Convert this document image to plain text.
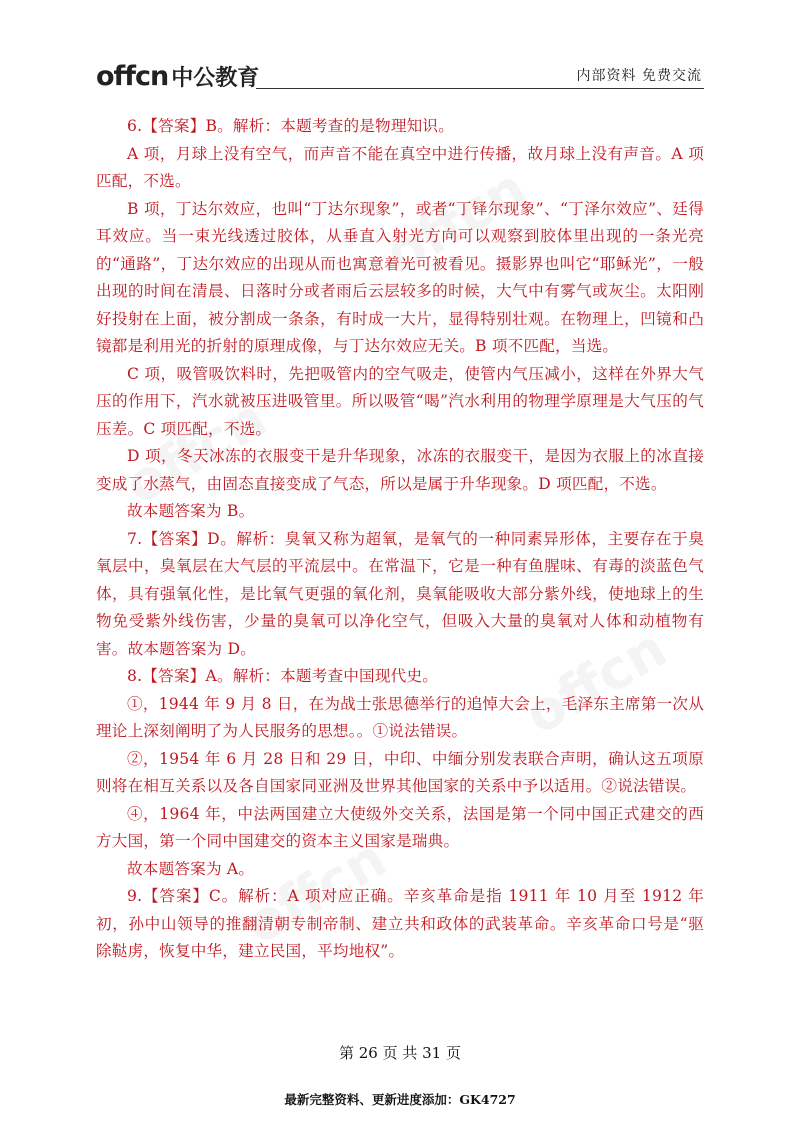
offcn 中公教育	内部资料 免费交流

6.【答案】B。解析：本题考查的是物理知识。

A 项，月球上没有空气，而声音不能在真空中进行传播，故月球上没有声音。A 项匹配，不选。

B 项，丁达尔效应，也叫“丁达尔现象”，或者“丁铎尔现象”、“丁泽尔效应”、廷得耳效应。当一束光线透过胶体，从垂直入射光方向可以观察到胶体里出现的一条光亮的“通路”，丁达尔效应的出现从而也寓意着光可被看见。摄影界也叫它“耶稣光”，一般出现的时间在清晨、日落时分或者雨后云层较多的时候，大气中有雾气或灰尘。太阳刚好投射在上面，被分割成一条条，有时成一大片，显得特别壮观。在物理上，凹镜和凸镜都是利用光的折射的原理成像，与丁达尔效应无关。B 项不匹配，当选。

C 项，吸管吸饮料时，先把吸管内的空气吸走，使管内气压减小，这样在外界大气压的作用下，汽水就被压进吸管里。所以吸管“喝”汽水利用的物理学原理是大气压的气压差。C 项匹配，不选。

D 项，冬天冰冻的衣服变干是升华现象，冰冻的衣服变干，是因为衣服上的冰直接变成了水蒸气，由固态直接变成了气态，所以是属于升华现象。D 项匹配，不选。

故本题答案为 B。

7.【答案】D。解析：臭氧又称为超氧，是氧气的一种同素异形体，主要存在于臭氧层中，臭氧层在大气层的平流层中。在常温下，它是一种有鱼腥味、有毒的淡蓝色气体，具有强氧化性，是比氧气更强的氧化剂，臭氧能吸收大部分紫外线，使地球上的生物免受紫外线伤害，少量的臭氧可以净化空气，但吸入大量的臭氧对人体和动植物有害。故本题答案为 D。

8.【答案】A。解析：本题考查中国现代史。

①，1944 年 9 月 8 日，在为战士张思德举行的追悼大会上，毛泽东主席第一次从理论上深刻阐明了为人民服务的思想。。①说法错误。

②，1954 年 6 月 28 日和 29 日，中印、中缅分别发表联合声明，确认这五项原则将在相互关系以及各自国家同亚洲及世界其他国家的关系中予以适用。②说法错误。

④，1964 年，中法两国建立大使级外交关系，法国是第一个同中国正式建交的西方大国，第一个同中国建交的资本主义国家是瑞典。

故本题答案为 A。

9.【答案】C。解析：A 项对应正确。辛亥革命是指 1911 年 10 月至 1912 年初，孙中山领导的推翻清朝专制帝制、建立共和政体的武装革命。辛亥革命口号是“驱除鞑虏，恢复中华，建立民国，平均地权”。

第 26 页 共 31 页
最新完整资料、更新进度添加：GK4727
